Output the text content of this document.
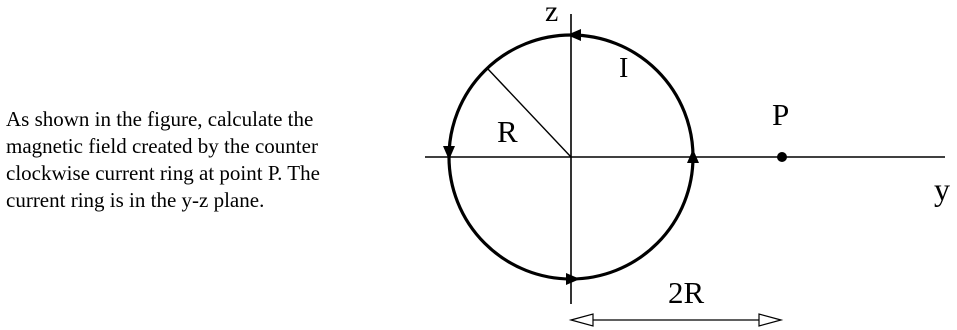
As shown in the figure, calculate the
magnetic field created by the counter
clockwise current ring at point P. The
current ring is in the y-z plane.
z
y
R
I
P
2R
